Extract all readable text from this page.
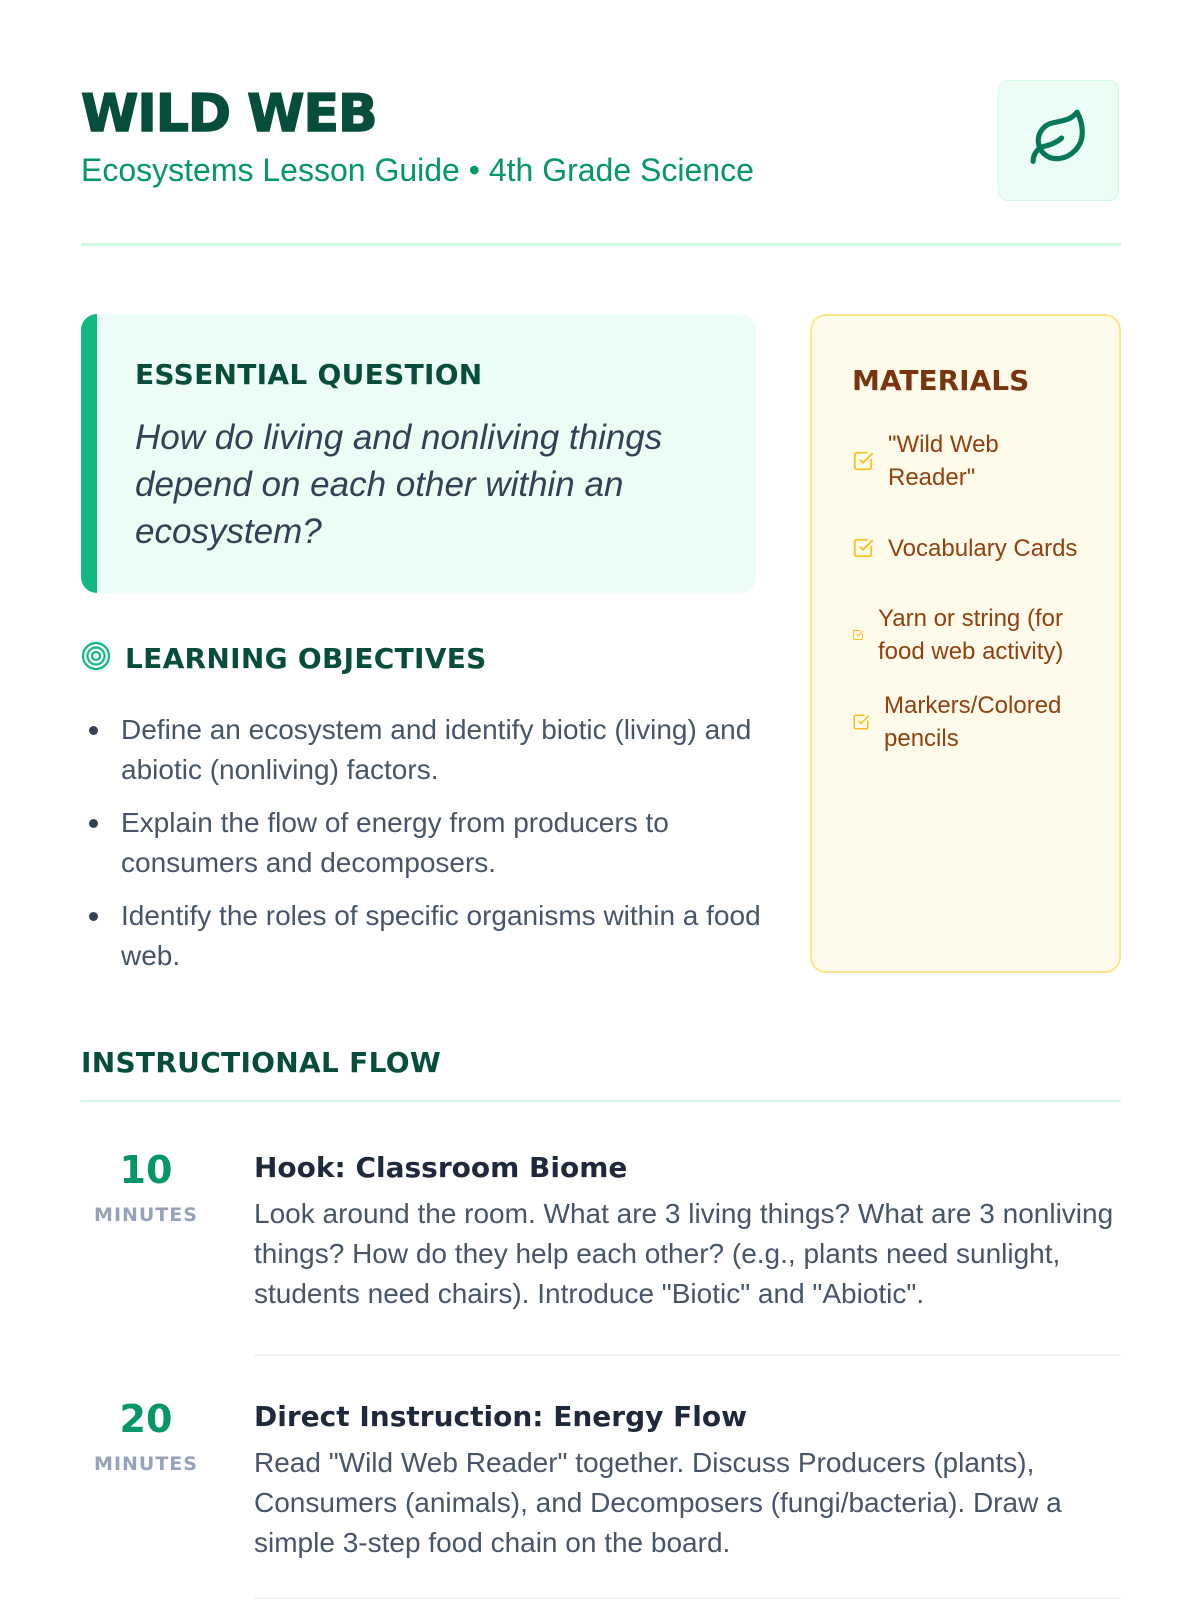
WILD WEB
Ecosystems Lesson Guide • 4th Grade Science
ESSENTIAL QUESTION
How do living and nonliving things depend on each other within an ecosystem?
LEARNING OBJECTIVES
Define an ecosystem and identify biotic (living) and abiotic (nonliving) factors.
Explain the flow of energy from producers to consumers and decomposers.
Identify the roles of specific organisms within a food web.
MATERIALS
"Wild Web Reader"
Vocabulary Cards
Yarn or string (for food web activity)
Markers/Colored pencils
INSTRUCTIONAL FLOW
10
MINUTES
Hook: Classroom Biome
Look around the room. What are 3 living things? What are 3 nonliving things? How do they help each other? (e.g., plants need sunlight, students need chairs). Introduce "Biotic" and "Abiotic".
20
MINUTES
Direct Instruction: Energy Flow
Read "Wild Web Reader" together. Discuss Producers (plants), Consumers (animals), and Decomposers (fungi/bacteria). Draw a simple 3-step food chain on the board.
